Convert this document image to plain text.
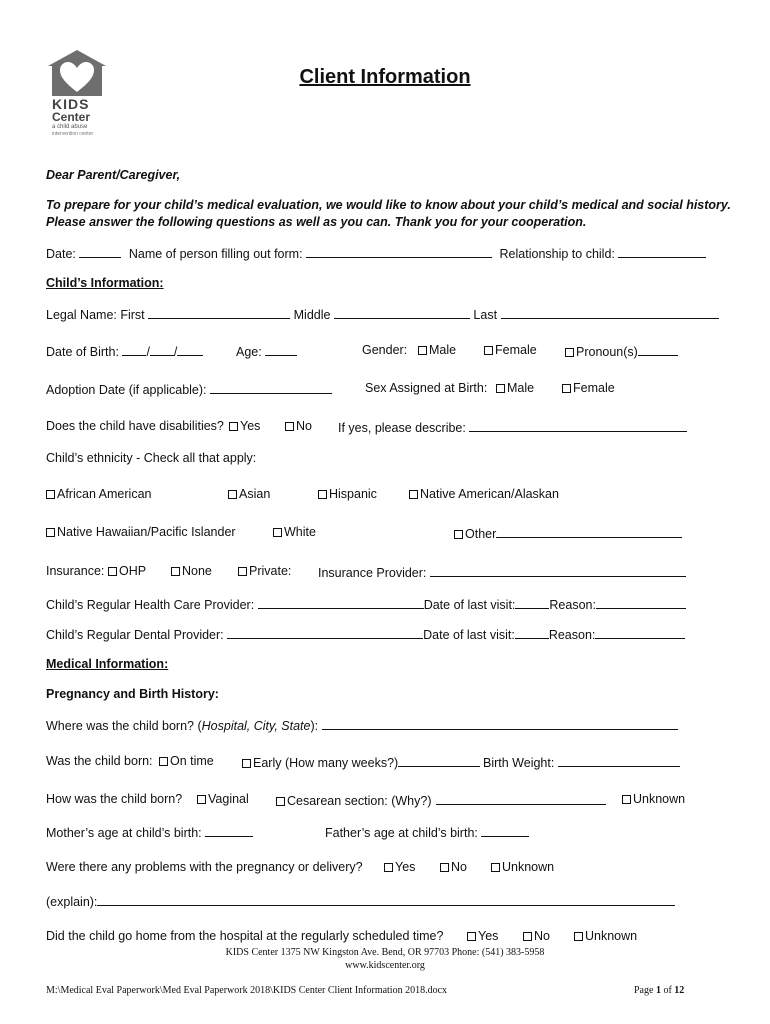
KIDS
Center
a child abuse
intervention center
Client Information
Dear Parent/Caregiver,
To prepare for your child’s medical evaluation, we would like to know about your child’s medical and social history.
Please answer the following questions as well as you can. Thank you for your cooperation.
Date:	Name of person filling out form:	Relationship to child:
Child’s Information:
Legal Name: First	Middle	Last
Date of Birth: / /	Age:	Gender:	Male	Female	Pronoun(s)
Adoption Date (if applicable):	Sex Assigned at Birth:	Male	Female
Does the child have disabilities?	Yes	No If yes, please describe:
Child’s ethnicity - Check all that apply:
African American	Asian	Hispanic	Native American/Alaskan
Native Hawaiian/Pacific Islander	White	Other
Insurance:	OHP	None	Private: Insurance Provider:
Child’s Regular Health Care Provider:	Date of last visit:	Reason:
Child’s Regular Dental Provider:	Date of last visit:	Reason:
Medical Information:
Pregnancy and Birth History:
Where was the child born? (Hospital, City, State):
Was the child born:	On time	Early (How many weeks?)	Birth Weight:
How was the child born?	Vaginal	Cesarean section: (Why?)	Unknown
Mother’s age at child’s birth:	Father’s age at child’s birth:
Were there any problems with the pregnancy or delivery?	Yes	No	Unknown
(explain):
Did the child go home from the hospital at the regularly scheduled time?	Yes	No	Unknown
KIDS Center 1375 NW Kingston Ave. Bend, OR 97703 Phone: (541) 383-5958
www.kidscenter.org
M:\Medical Eval Paperwork\Med Eval Paperwork 2018\KIDS Center Client Information 2018.docx	Page 1 of 12
